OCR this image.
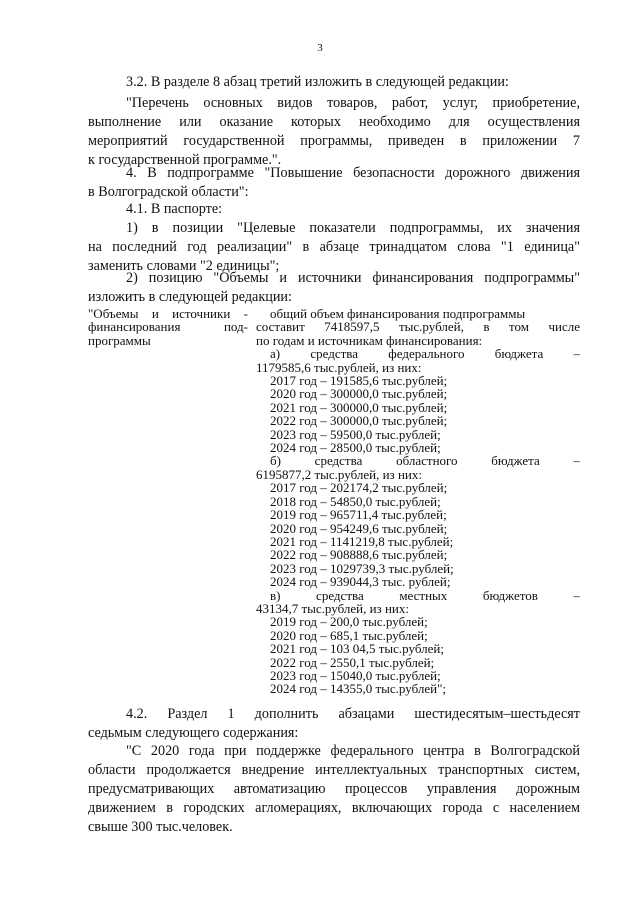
3

3.2. В разделе 8 абзац третий изложить в следующей редакции:

"Перечень основных видов товаров, работ, услуг, приобретение,
выполнение или оказание которых необходимо для осуществления
мероприятий государственной программы, приведен в приложении 7
к государственной программе.".

4. В подпрограмме "Повышение безопасности дорожного движения
в Волгоградской области":

4.1. В паспорте:

1) в позиции "Целевые показатели подпрограммы, их значения
на последний год реализации" в абзаце тринадцатом слова "1 единица"
заменить словами "2 единицы";

2) позицию "Объемы и источники финансирования подпрограммы"
изложить в следующей редакции:

"Объемы и источники -
финансирования под-
программы
общий объем финансирования подпрограммы
составит 7418597,5 тыс.рублей, в том числе
по годам и источникам финансирования:
а) средства федерального бюджета –
1179585,6 тыс.рублей, из них:
2017 год – 191585,6 тыс.рублей;
2020 год – 300000,0 тыс.рублей;
2021 год – 300000,0 тыс.рублей;
2022 год – 300000,0 тыс.рублей;
2023 год – 59500,0 тыс.рублей;
2024 год – 28500,0 тыс.рублей;
б) средства областного бюджета –
6195877,2 тыс.рублей, из них:
2017 год – 202174,2 тыс.рублей;
2018 год – 54850,0 тыс.рублей;
2019 год – 965711,4 тыс.рублей;
2020 год – 954249,6 тыс.рублей;
2021 год – 1141219,8 тыс.рублей;
2022 год – 908888,6 тыс.рублей;
2023 год – 1029739,3 тыс.рублей;
2024 год – 939044,3 тыс. рублей;
в) средства местных бюджетов –
43134,7 тыс.рублей, из них:
2019 год – 200,0 тыс.рублей;
2020 год – 685,1 тыс.рублей;
2021 год – 103 04,5 тыс.рублей;
2022 год – 2550,1 тыс.рублей;
2023 год – 15040,0 тыс.рублей;
2024 год – 14355,0 тыс.рублей";

4.2. Раздел 1 дополнить абзацами шестидесятым–шестьдесят
седьмым следующего содержания:

"С 2020 года при поддержке федерального центра в Волгоградской
области продолжается внедрение интеллектуальных транспортных систем,
предусматривающих автоматизацию процессов управления дорожным
движением в городских агломерациях, включающих города с населением
свыше 300 тыс.человек.
